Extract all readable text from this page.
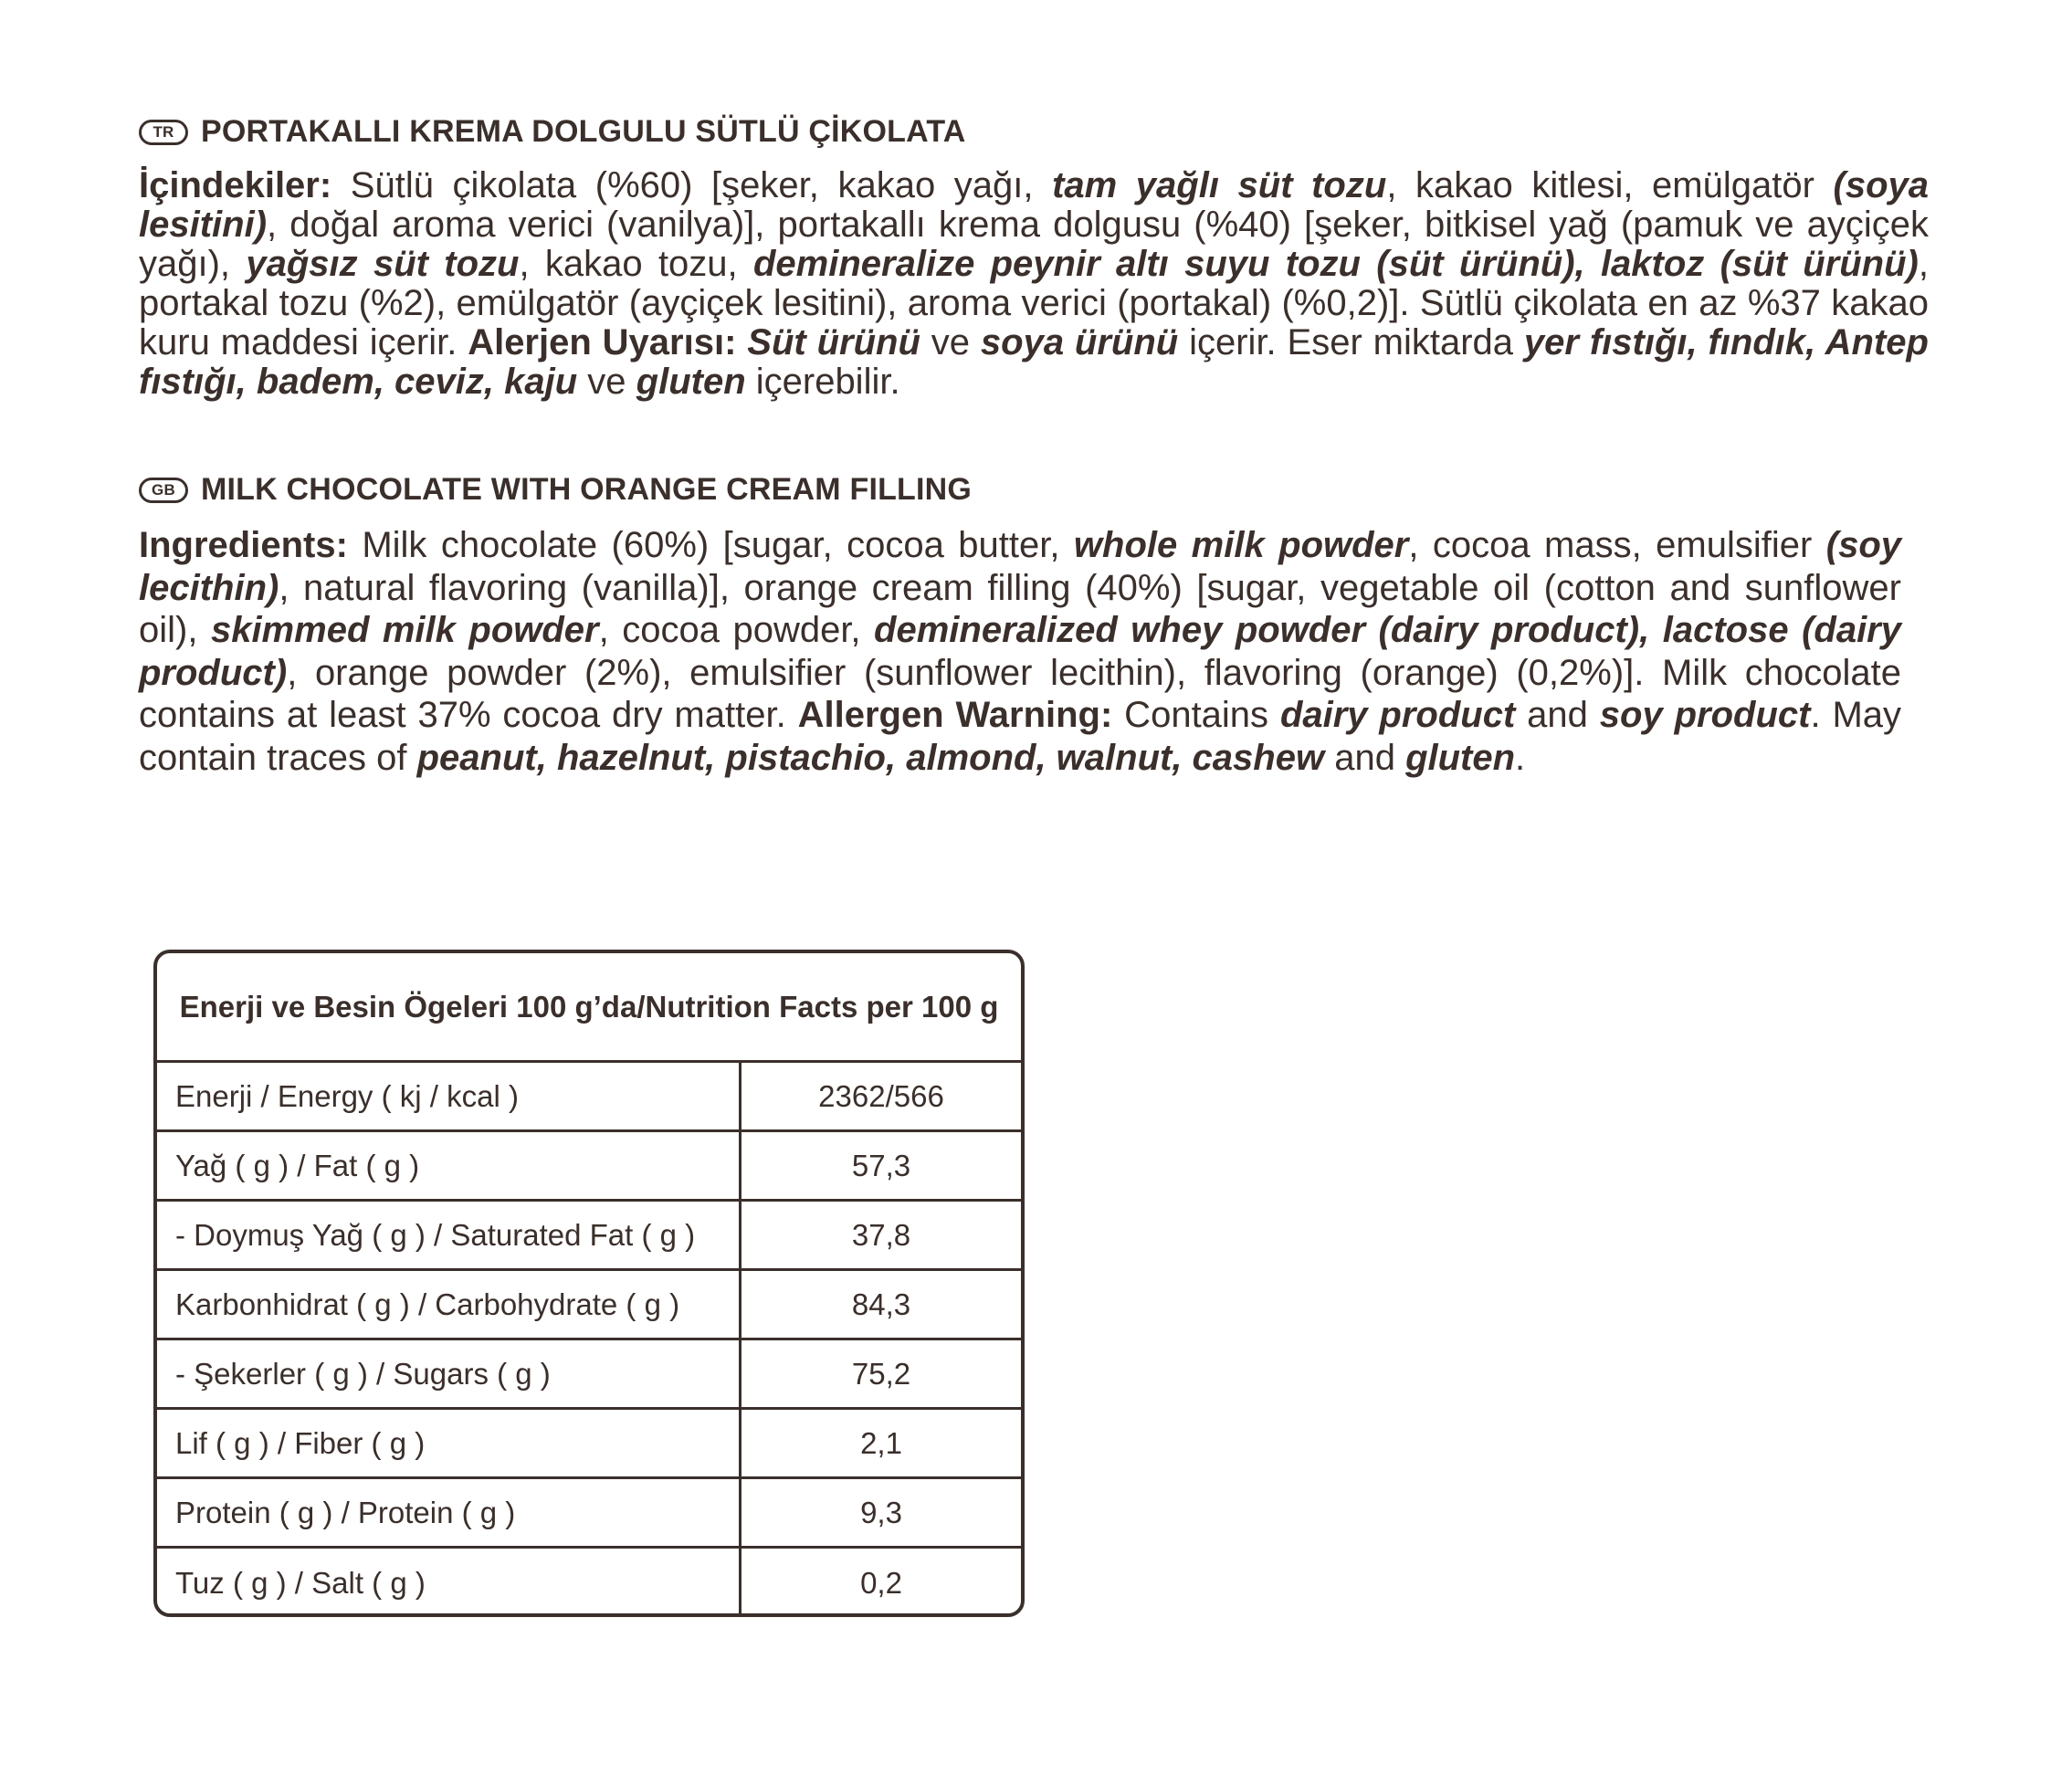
TR PORTAKALLI KREMA DOLGULU SÜTLÜ ÇİKOLATA
İçindekiler: Sütlü çikolata (%60) [şeker, kakao yağı, tam yağlı süt tozu, kakao kitlesi, emülgatör (soya lesitini), doğal aroma verici (vanilya)], portakallı krema dolgusu (%40) [şeker, bitkisel yağ (pamuk ve ayçiçek yağı), yağsız süt tozu, kakao tozu, demineralize peynir altı suyu tozu (süt ürünü), laktoz (süt ürünü), portakal tozu (%2), emülgatör (ayçiçek lesitini), aroma verici (portakal) (%0,2)]. Sütlü çikolata en az %37 kakao kuru maddesi içerir. Alerjen Uyarısı: Süt ürünü ve soya ürünü içerir. Eser miktarda yer fıstığı, fındık, Antep fıstığı, badem, ceviz, kaju ve gluten içerebilir.
GB MILK CHOCOLATE WITH ORANGE CREAM FILLING
Ingredients: Milk chocolate (60%) [sugar, cocoa butter, whole milk powder, cocoa mass, emulsifier (soy lecithin), natural flavoring (vanilla)], orange cream filling (40%) [sugar, vegetable oil (cotton and sunflower oil), skimmed milk powder, cocoa powder, demineralized whey powder (dairy product), lactose (dairy product), orange powder (2%), emulsifier (sunflower lecithin), flavoring (orange) (0,2%)]. Milk chocolate contains at least 37% cocoa dry matter. Allergen Warning: Contains dairy product and soy product. May contain traces of peanut, hazelnut, pistachio, almond, walnut, cashew and gluten.
Enerji ve Besin Ögeleri 100 g’da/Nutrition Facts per 100 g
Enerji / Energy ( kj / kcal )	2362/566
Yağ ( g ) / Fat ( g )	57,3
- Doymuş Yağ ( g ) / Saturated Fat ( g )	37,8
Karbonhidrat ( g ) / Carbohydrate ( g )	84,3
- Şekerler ( g ) / Sugars ( g )	75,2
Lif ( g ) / Fiber ( g )	2,1
Protein ( g ) / Protein ( g )	9,3
Tuz ( g ) / Salt ( g )	0,2
